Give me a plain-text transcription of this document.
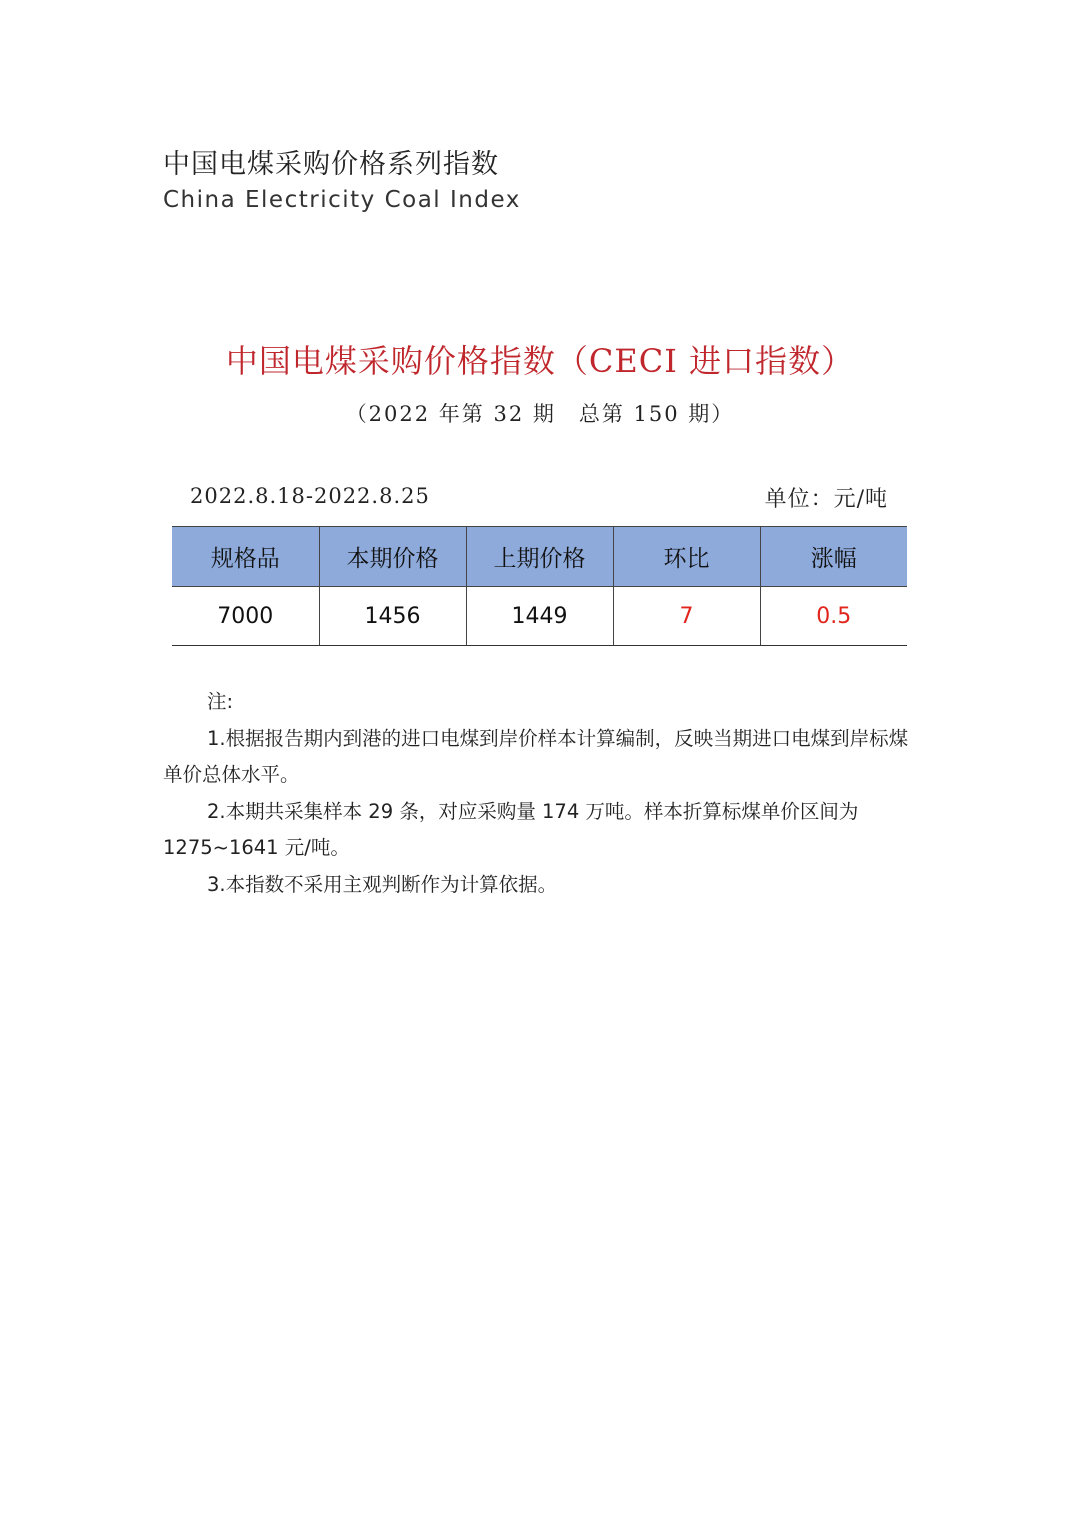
中国电煤采购价格系列指数
China Electricity Coal Index
中国电煤采购价格指数（CECI 进口指数）
（2022 年第 32 期　总第 150 期）
2022.8.18-2022.8.25	单位：元/吨
规格品	本期价格	上期价格	环比	涨幅
7000	1456	1449	7	0.5

注:

1.根据报告期内到港的进口电煤到岸价样本计算编制，反映当期进口电煤到岸标煤单价总体水平。

2.本期共采集样本 29 条，对应采购量 174 万吨。样本折算标煤单价区间为 1275~1641 元/吨。

3.本指数不采用主观判断作为计算依据。
